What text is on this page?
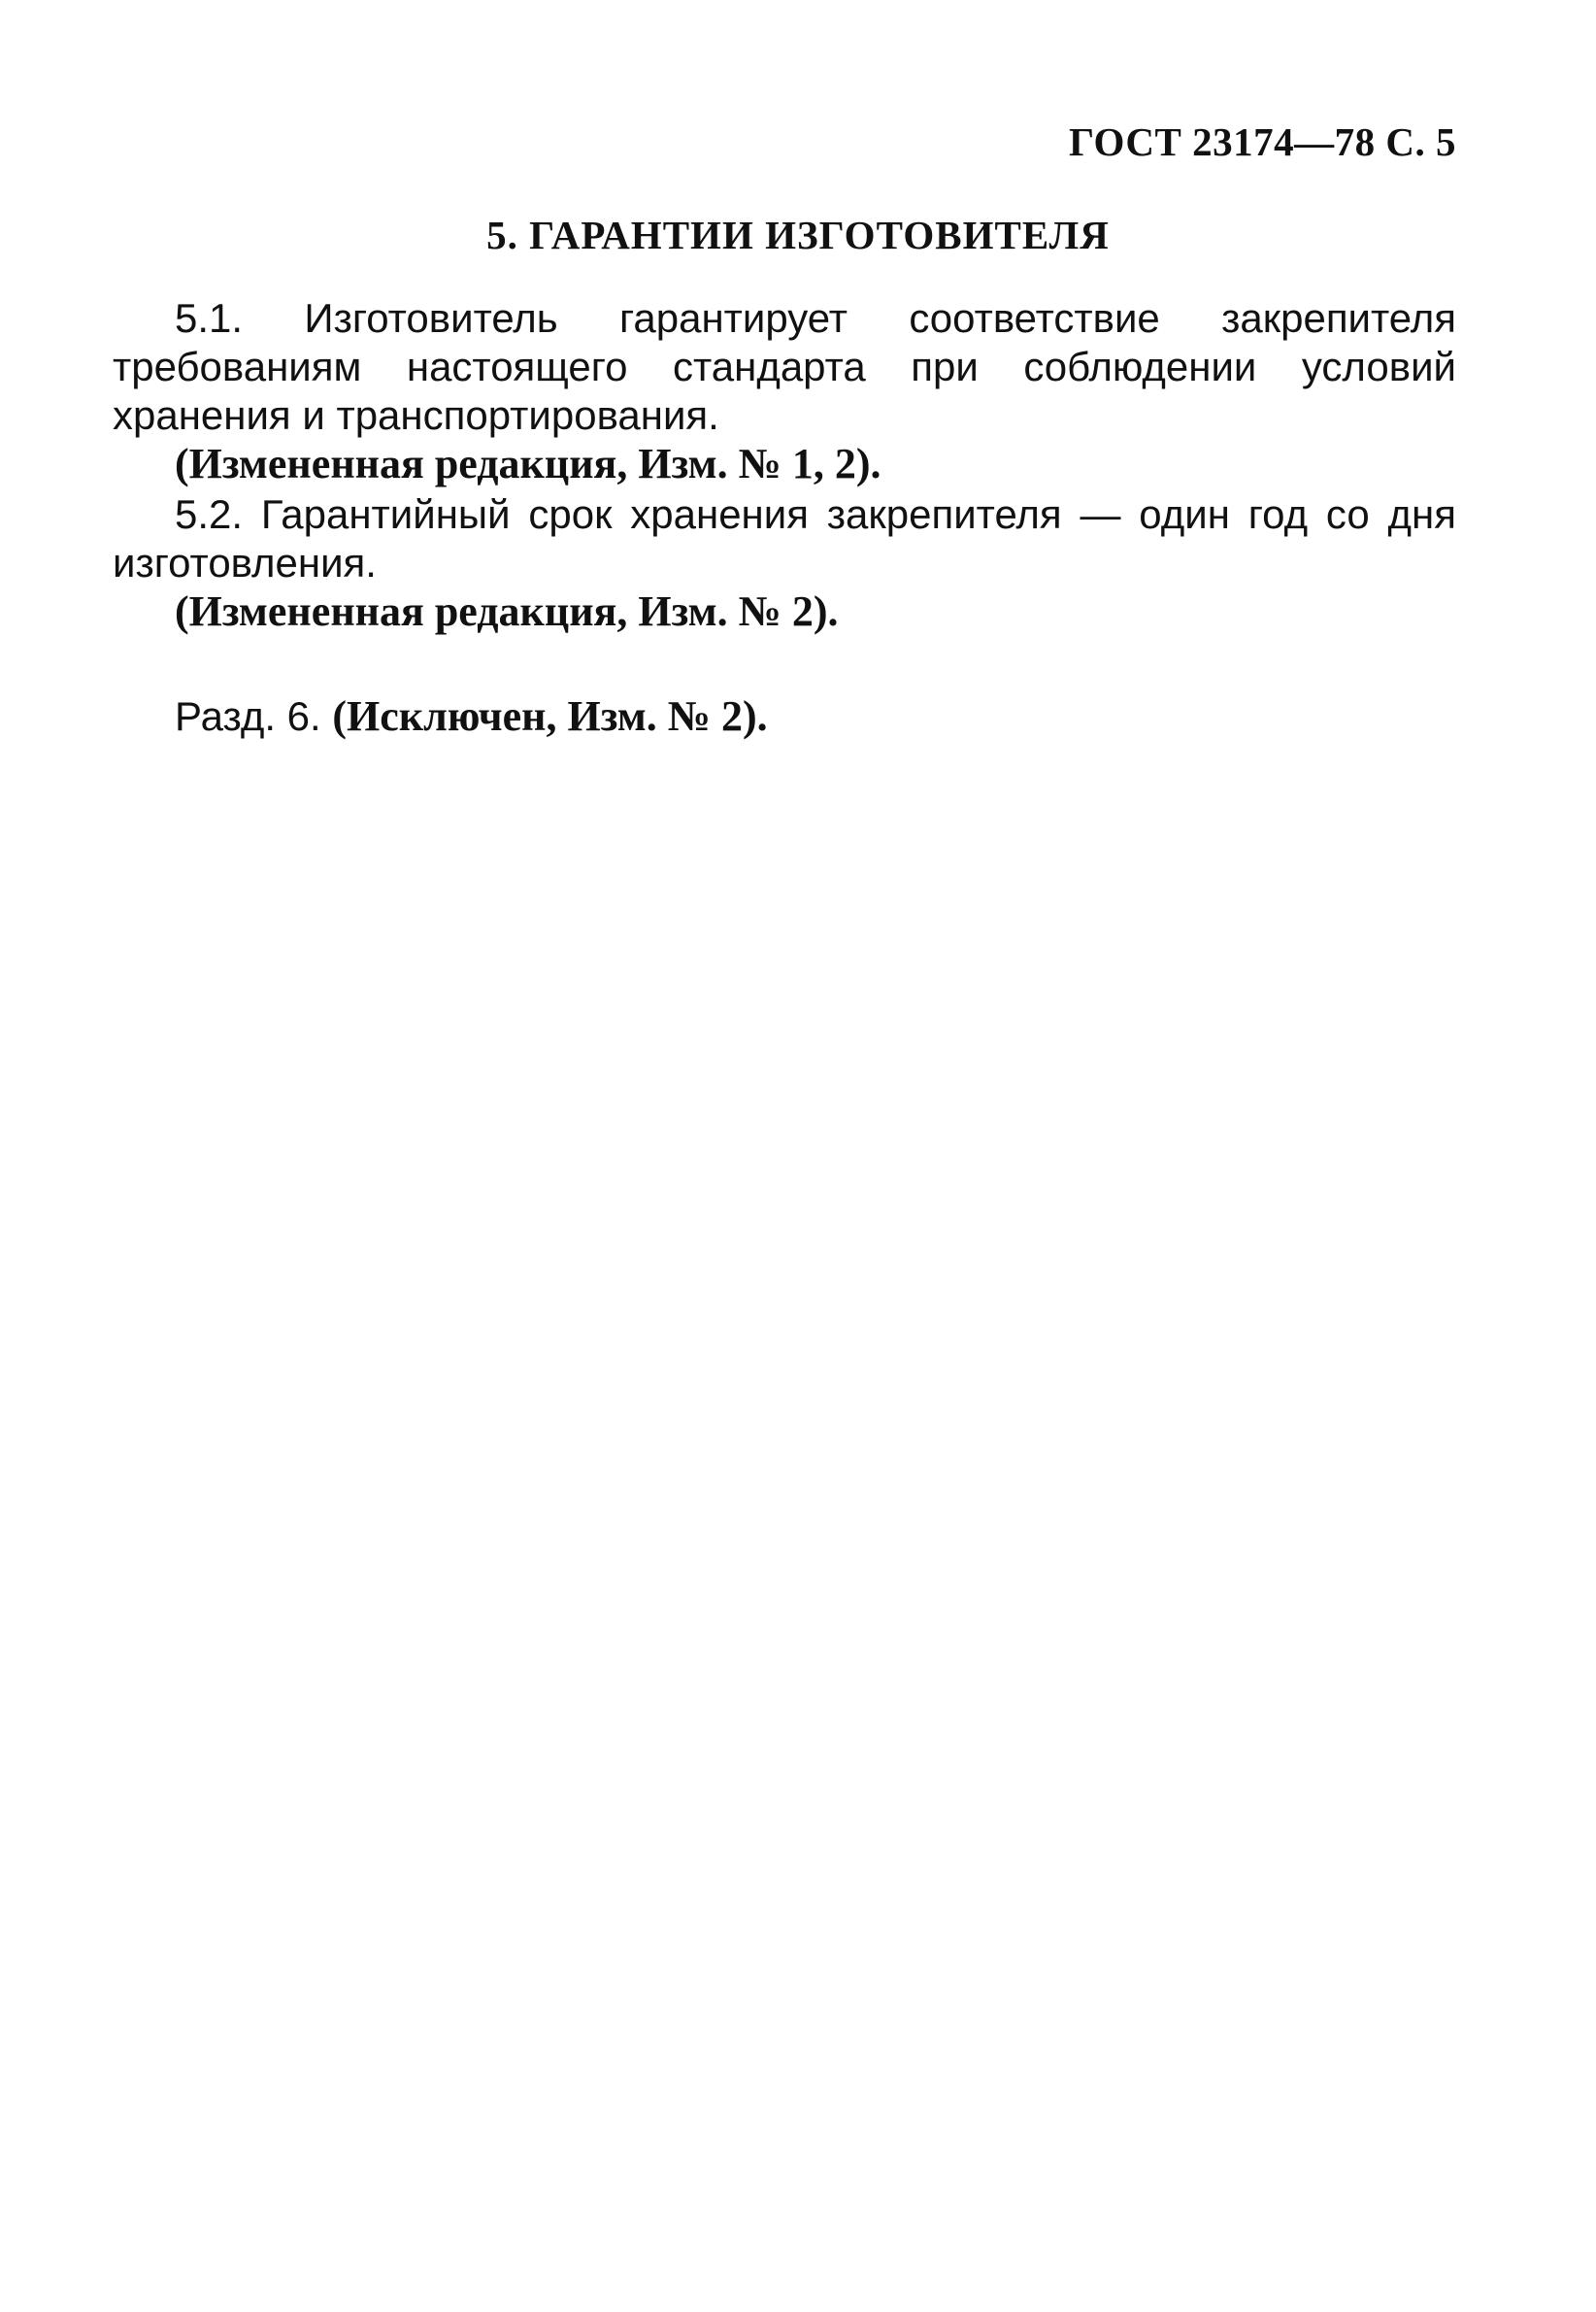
ГОСТ 23174—78 С. 5
5. ГАРАНТИИ ИЗГОТОВИТЕЛЯ

5.1. Изготовитель гарантирует соответствие закрепителя требованиям настоящего стандарта при соблюдении условий хранения и транспортирования.

(Измененная редакция, Изм. № 1, 2).

5.2. Гарантийный срок хранения закрепителя — один год со дня изготовления.

(Измененная редакция, Изм. № 2).

Разд. 6. (Исключен, Изм. № 2).
